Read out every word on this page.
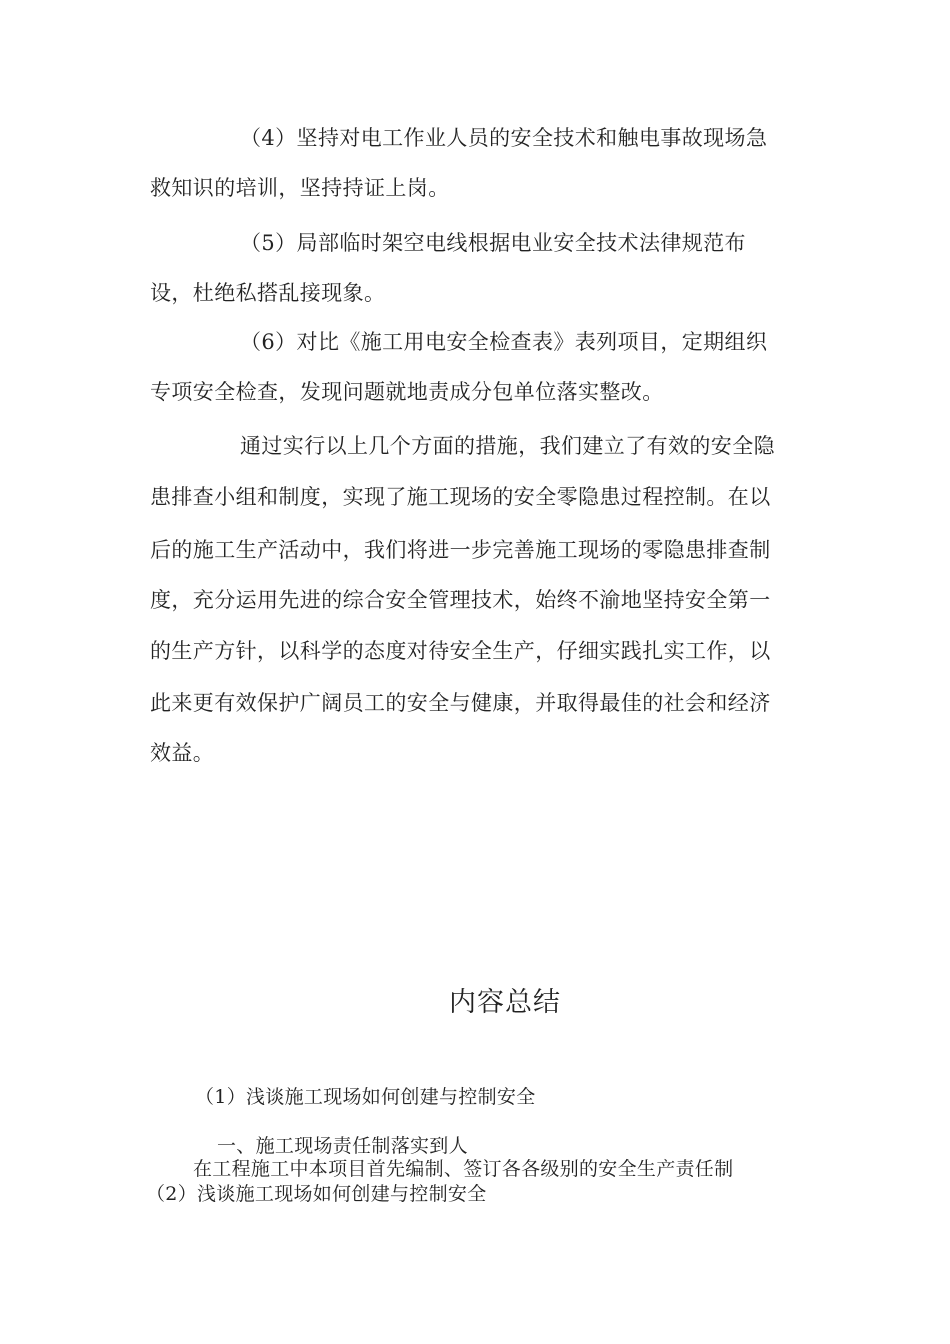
（4）坚持对电工作业人员的安全技术和触电事故现场急
救知识的培训，坚持持证上岗。
（5）局部临时架空电线根据电业安全技术法律规范布
设，杜绝私搭乱接现象。
（6）对比《施工用电安全检查表》表列项目，定期组织
专项安全检查，发现问题就地责成分包单位落实整改。
通过实行以上几个方面的措施，我们建立了有效的安全隐
患排查小组和制度，实现了施工现场的安全零隐患过程控制。在以
后的施工生产活动中，我们将进一步完善施工现场的零隐患排查制
度，充分运用先进的综合安全管理技术，始终不渝地坚持安全第一
的生产方针，以科学的态度对待安全生产，仔细实践扎实工作，以
此来更有效保护广阔员工的安全与健康，并取得最佳的社会和经济
效益。
内容总结
（1）浅谈施工现场如何创建与控制安全
一、施工现场责任制落实到人
在工程施工中本项目首先编制、签订各各级别的安全生产责任制
（2）浅谈施工现场如何创建与控制安全
